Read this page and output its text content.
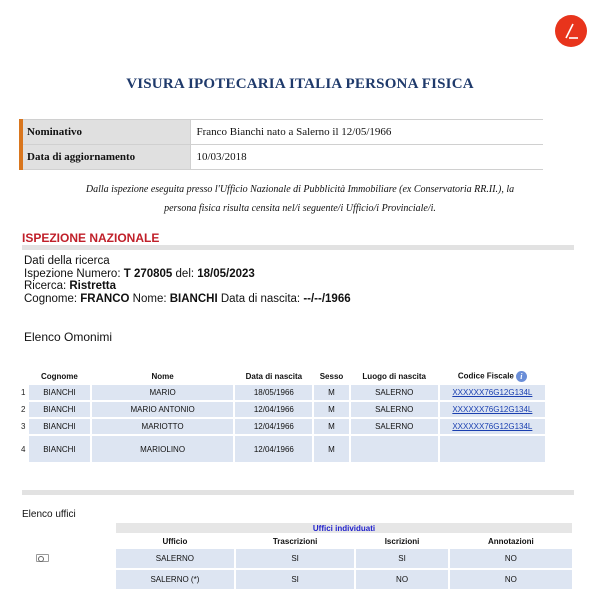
VISURA IPOTECARIA ITALIA PERSONA FISICA
Nominativo	Franco Bianchi nato a Salerno il 12/05/1966
Data di aggiornamento	10/03/2018
Dalla ispezione eseguita presso l'Ufficio Nazionale di Pubblicità Immobiliare (ex Conservatoria RR.II.), la
persona fisica risulta censita nel/i seguente/i Ufficio/i Provinciale/i.
ISPEZIONE NAZIONALE
Dati della ricerca
Ispezione Numero: T 270805 del: 18/05/2023
Ricerca: Ristretta
Cognome: FRANCO Nome: BIANCHI Data di nascita: --/--/1966
Elenco Omonimi
	Cognome	Nome	Data di nascita	Sesso	Luogo di nascita	Codice Fiscale i
1	BIANCHI	MARIO	18/05/1966	M	SALERNO	XXXXXX76G12G134L
2	BIANCHI	MARIO ANTONIO	12/04/1966	M	SALERNO	XXXXXX76G12G134L
3	BIANCHI	MARIOTTO	12/04/1966	M	SALERNO	XXXXXX76G12G134L
4	BIANCHI	MARIOLINO	12/04/1966	M		
Elenco uffici
	Uffici individuati			
	Ufficio	Trascrizioni	Iscrizioni	Annotazioni
	SALERNO	SI	SI	NO
	SALERNO (*)	SI	NO	NO
